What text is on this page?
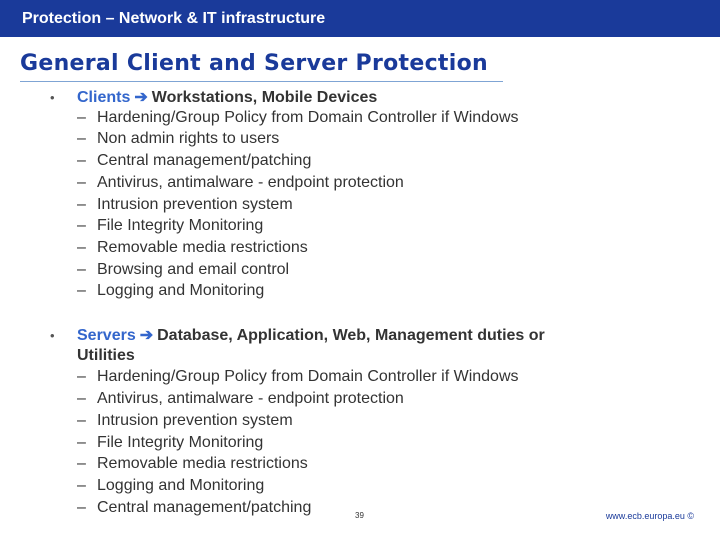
Protection – Network & IT infrastructure
General Client and Server Protection
• Clients ➔ Workstations, Mobile Devices
– Hardening/Group Policy from Domain Controller if Windows
– Non admin rights to users
– Central management/patching
– Antivirus, antimalware - endpoint protection
– Intrusion prevention system
– File Integrity Monitoring
– Removable media restrictions
– Browsing and email control
– Logging and Monitoring
• Servers ➔ Database, Application, Web, Management duties or
Utilities
– Hardening/Group Policy from Domain Controller if Windows
– Antivirus, antimalware - endpoint protection
– Intrusion prevention system
– File Integrity Monitoring
– Removable media restrictions
– Logging and Monitoring
– Central management/patching	39	www.ecb.europa.eu ©
